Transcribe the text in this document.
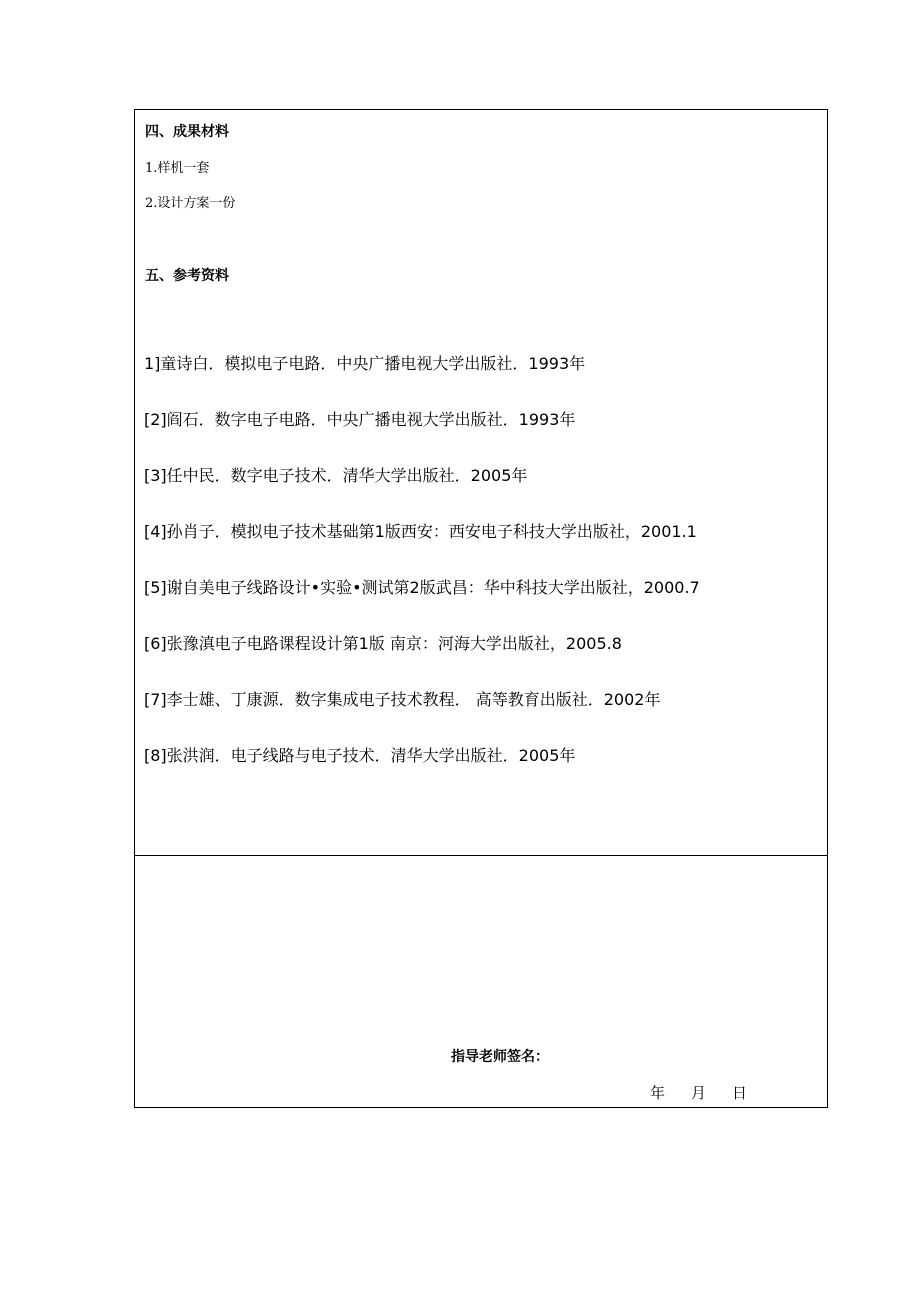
四、成果材料
1.样机一套
2.设计方案一份
五、参考资料
1]童诗白．模拟电子电路．中央广播电视大学出版社．1993年
[2]阎石．数字电子电路．中央广播电视大学出版社．1993年
[3]任中民．数字电子技术．清华大学出版社．2005年
[4]孙肖子．模拟电子技术基础第1版西安：西安电子科技大学出版社，2001.1
[5]谢自美电子线路设计•实验•测试第2版武昌：华中科技大学出版社，2000.7
[6]张豫滇电子电路课程设计第1版 南京：河海大学出版社，2005.8
[7]李士雄、丁康源．数字集成电子技术教程． 高等教育出版社．2002年
[8]张洪润．电子线路与电子技术．清华大学出版社．2005年
指导老师签名：
年 月 日
